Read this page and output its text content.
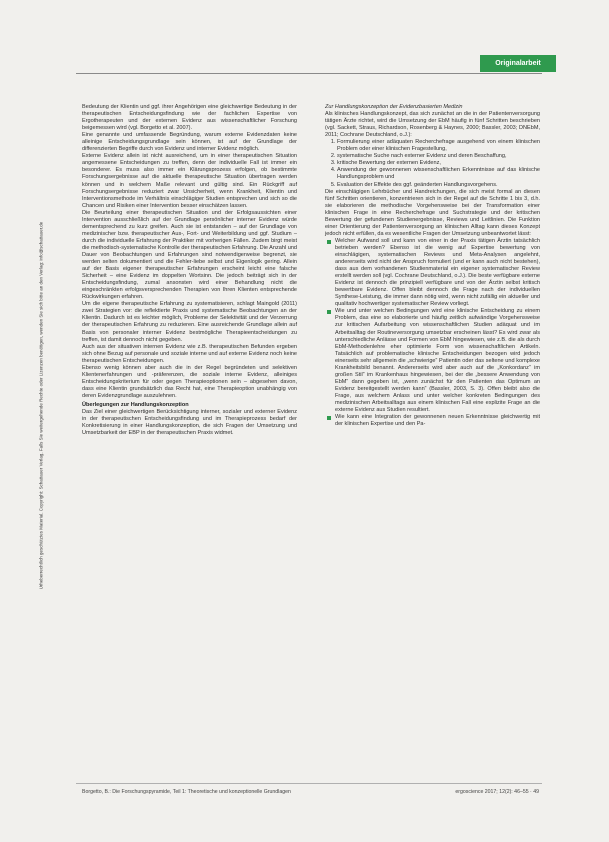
Originalarbeit
Urheberrechtlich geschütztes Material. Copyright: Schattauer Verlag. Falls Sie weitergehende Rechte oder Lizenzen benötigen, wenden Sie sich bitte an den Verlag: info@schattauer.de

Bedeutung der Klientin und ggf. ihrer Angehörigen eine gleichwertige Bedeutung in der therapeutischen Entscheidungsfindung wie der fachlichen Expertise von Ergotherapeuten und der externen Evidenz aus wissenschaftlicher Forschung beigemessen wird (vgl. Borgetto et al. 2007).

Eine genannte und umfassende Begründung, warum externe Evidenzdaten keine alleinige Entscheidungsgrundlage sein können, ist auf der Grundlage der differenzierten Begriffe durch von Evidenz und interner Evidenz möglich.

Externe Evidenz allein ist nicht ausreichend, um in einer therapeutischen Situation angemessene Entscheidungen zu treffen, denn der individuelle Fall ist immer ein besonderer. Es muss also immer ein Klärungsprozess erfolgen, ob bestimmte Forschungsergebnisse auf die aktuelle therapeutische Situation übertragen werden können und in welchem Maße relevant und gültig sind. Ein Rückgriff auf Forschungsergebnisse reduziert zwar Unsicherheit, wenn Krankheit, Klientin und Interventionsmethode im Verhältnis einschlägiger Studien entsprechen und sich so die Chancen und Risiken einer Intervention besser einschätzen lassen.

Die Beurteilung einer therapeutischen Situation und der Erfolgsaussichten einer Intervention ausschließlich auf der Grundlage persönlicher interner Evidenz würde dementsprechend zu kurz greifen. Auch sie ist entstanden – auf der Grundlage von medizinischer bzw. therapeutischer Aus-, Fort- und Weiterbildung und ggf. Studium – durch die individuelle Erfahrung der Praktiker mit vorherigen Fällen. Zudem birgt meist die methodisch-systematische Kontrolle der therapeutischen Erfahrung. Die Anzahl und Dauer von Beobachtungen und Erfahrungen sind notwendigerweise begrenzt, sie werden selten dokumentiert und die Fehler-liebe selbst und Eigenlogik gering. Allein auf der Basis eigener therapeutischer Erfahrungen erscheint leicht eine falsche Sicherheit – eine Evidenz im doppelten Wortsinn. Die jedoch beiträgt sich in der Entscheidungsfindung, zumal ansonsten wird einer Behandlung nicht die eingeschränkten erfolgsversprechenden Therapien von Ihren Klienten entsprechende Rückwirkungen erfahren.

Um die eigene therapeutische Erfahrung zu systematisieren, schlagt Maingold (2011) zwei Strategien vor: die reflektierte Praxis und systematische Beobachtungen an der Klientin. Dadurch ist es leichter möglich, Probleme der Selektivität und der Verzerrung der therapeutischen Erfahrung zu reduzieren. Eine ausreichende Grundlage allein auf Basis von personaler interner Evidenz bestmögliche Therapieentscheidungen zu treffen, ist damit dennoch nicht gegeben.

Auch aus der situativen internen Evidenz wie z.B. therapeutischen Befunden ergeben sich ohne Bezug auf personale und soziale interne und auf externe Evidenz noch keine therapeutischen Entscheidungen.

Ebenso wenig können aber auch die in der Regel begründeten und selektiven Klientenerfahrungen und -präferenzen, die soziale interne Evidenz, alleiniges Entscheidungskriterium für oder gegen Therapieoptionen sein – abgesehen davon, dass eine Klientin grundsätzlich das Recht hat, eine Therapieoption unabhängig von deren Evidenzgrundlage auszulehnen.

Überlegungen zur Handlungskonzeption

Das Ziel einer gleichwertigen Berücksichtigung interner, sozialer und externer Evidenz in der therapeutischen Entscheidungsfindung und im Therapieprozess bedarf der Konkretisierung in einer Handlungskonzeption, die sich Fragen der Umsetzung und Umsetzbarkeit der EBP in der therapeutischen Praxis widmet.

Zur Handlungskonzeption der Evidenzbasierten Medizin

Als klinisches Handlungskonzept, das sich zunächst an die in der Patientenversorgung tätigen Ärzte richtet, wird die Umsetzung der EbM häufig in fünf Schritten beschrieben (vgl. Sackett, Straus, Richardson, Rosenberg & Haynes, 2000; Bassler, 2003; DNEbM, 2011; Cochrane Deutschland, o.J.):

1. Formulierung einer adäquaten Recherchefrage ausgehend von einem klinischen Problem oder einer klinischen Fragestellung,
2. systematische Suche nach externer Evidenz und deren Beschaffung,
3. kritische Bewertung der externen Evidenz,
4. Anwendung der gewonnenen wissenschaftlichen Erkenntnisse auf das klinische Handlungsproblem und
5. Evaluation der Effekte des ggf. geänderten Handlungsvorgehens.

Die einschlägigen Lehrbücher und Handreichungen, die sich meist formal an diesen fünf Schritten orientieren, konzentrieren sich in der Regel auf die Schritte 1 bis 3, d.h. sie elaborieren die methodische Vorgehensweise bei der Transformation einer klinischen Frage in eine Recherchefrage und Suchstrategie und der kritischen Bewertung der gefundenen Studienergebnisse, Reviews und Leitlinien. Die Funktion einer Orientierung der Patientenversorgung an klinischen Alltag kann dieses Konzept jedoch nicht erfüllen, da es wesentliche Fragen der Umsetzung unbeantwortet lässt:

Welcher Aufwand soll und kann von einer in der Praxis tätigen Ärztin tatsächlich betrieben werden? Ebenso ist die wenig auf Expertise bewertung von einschlägigen, systematischen Reviews und Meta-Analysen angelehnt, andererseits wird nicht der Anspruch formuliert (und er kann auch nicht bestehen), dass aus dem vorhandenen Studienmaterial ein eigener systematischer Review erstellt werden soll (vgl. Cochrane Deutschland, o.J.). Die beste verfügbare externe Evidenz ist dennoch die prinzipiell verfügbare und von der Ärztin selbst kritisch bewertbare Evidenz. Offen bleibt dennoch die Frage nach der individuellen Synthese-Leistung, die immer dann nötig wird, wenn nicht zufällig ein aktueller und qualitativ hochwertiger systematischer Review vorliegt.
Wie und unter welchen Bedingungen wird eine klinische Entscheidung zu einem Problem, das eine so elaborierte und häufig zeitlich aufwändige Vorgehensweise zur kritischen Aufarbeitung von wissenschaftlichen Studien adäquat und im Arbeitsalltag der Routineversorgung umsetzbar erscheinen lässt? Es wird zwar als unterschiedliche Anlässe und Formen von EbM hingewiesen, wie z.B. die als durch EbM-Methodenlehre eher optimierte Form von wissenschaftlichen Artikeln. Tatsächlich auf problematische klinische Entscheidungen bezogen wird jedoch einerseits sehr allgemein die „schwierige“ Patientin oder das seltene und komplexe Krankheitsbild benannt. Andererseits wird aber auch auf die „Konkordanz“ im großen Stil“ im Krankenhaus hingewiesen, bei der die „bessere Anwendung von EbM“ dann gegeben ist, „wenn zunächst für den Patienten das Optimum an Evidenz bereitgestellt werden kann“ (Bassler, 2003, S. 3). Offen bleibt also die Frage, aus welchem Anlass und unter welcher konkreten Bedingungen des medizinischen Arbeitsalltags aus einem klinischen Fall eine explizite Frage an die externe Evidenz aus Studien resultiert.
Wie kann eine Integration der gewonnenen neuen Erkenntnisse gleichwertig mit der klinischen Expertise und den Pa-
Borgetto, B.: Die Forschungspyramide, Teil 1: Theoretische und konzeptionelle Grundlagen	ergoscience 2017; 12(2): 46–55 · 49
